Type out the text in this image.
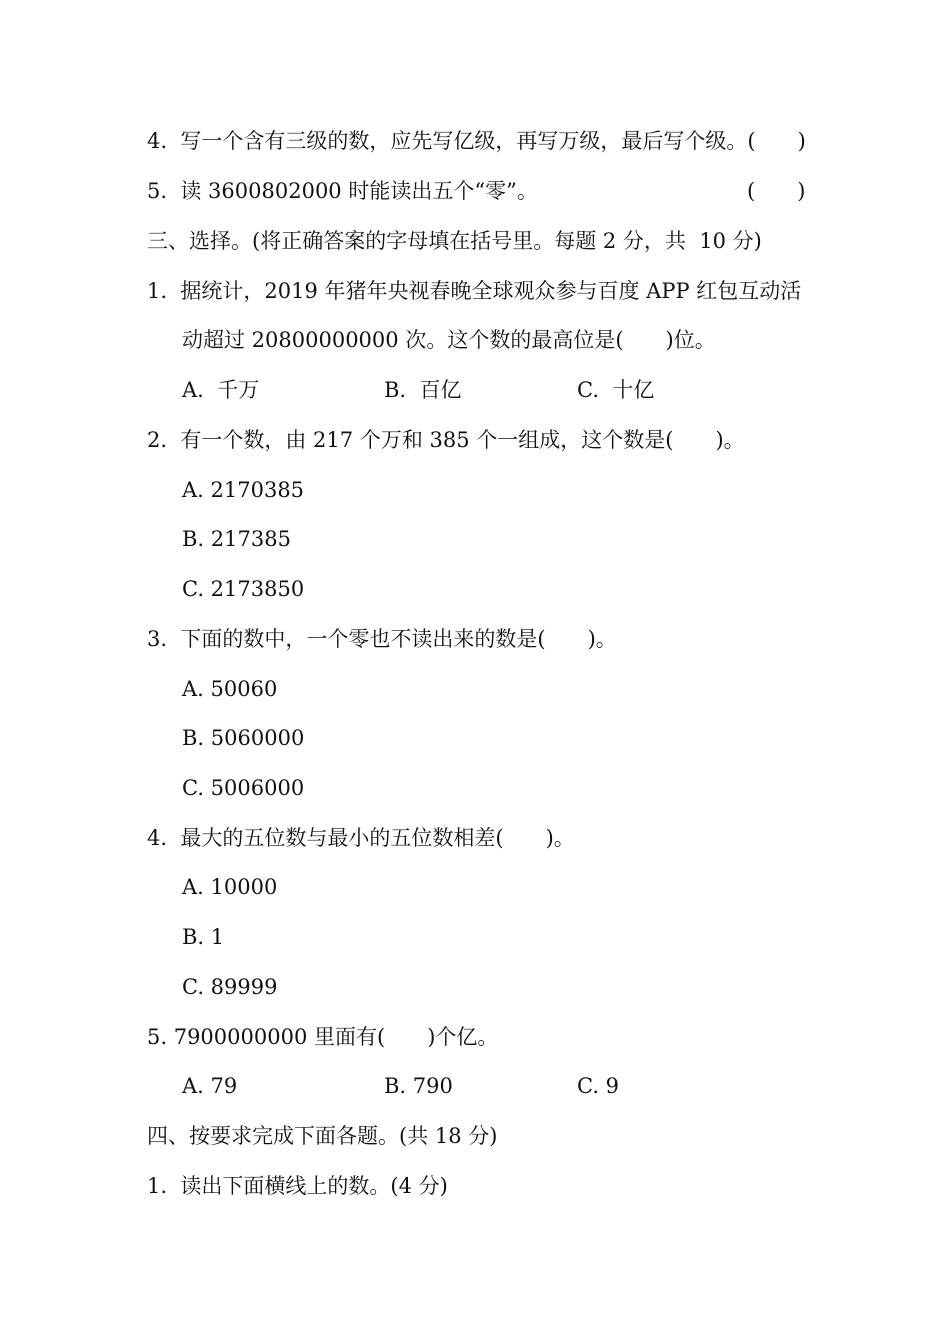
4.  写一个含有三级的数，应先写亿级，再写万级，最后写个级。(　　)
5.  读 3600802000 时能读出五个“零”。	(　　)
三、选择。(将正确答案的字母填在括号里。每题 2 分，共  10 分)
1.  据统计，2019 年猪年央视春晚全球观众参与百度 APP 红包互动活
动超过 20800000000 次。这个数的最高位是(　　)位。
A.  千万	B.  百亿	C.  十亿
2.  有一个数，由 217 个万和 385 个一组成，这个数是(　　)。
A. 2170385
B. 217385
C. 2173850
3.  下面的数中，一个零也不读出来的数是(　　)。
A. 50060
B. 5060000
C. 5006000
4.  最大的五位数与最小的五位数相差(　　)。
A. 10000
B. 1
C. 89999
5. 7900000000 里面有(　　)个亿。
A. 79	B. 790	C. 9
四、按要求完成下面各题。(共 18 分)
1.  读出下面横线上的数。(4 分)
